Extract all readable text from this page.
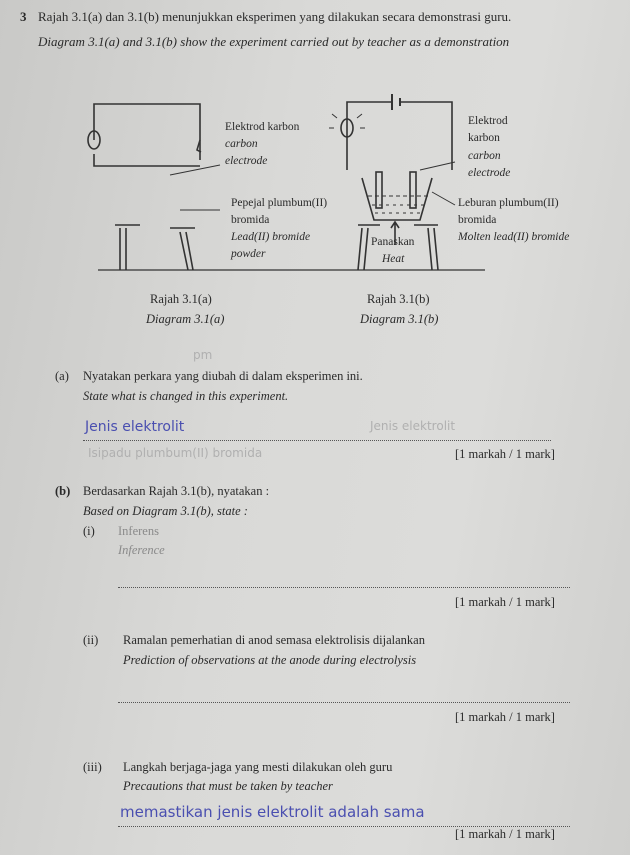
3 Rajah 3.1(a) dan 3.1(b) menunjukkan eksperimen yang dilakukan secara demonstrasi guru.
Diagram 3.1(a) and 3.1(b) show the experiment carried out by teacher as a demonstration
Elektrod karbon
carbon
electrode
Pepejal plumbum(II)
bromida
Lead(II) bromide
powder
Elektrod
karbon
carbon
electrode
Leburan plumbum(II)
bromida
Molten lead(II) bromide
Panaskan
Heat
Rajah 3.1(a)
Diagram 3.1(a)
Rajah 3.1(b)
Diagram 3.1(b)
pm
(a) Nyatakan perkara yang diubah di dalam eksperimen ini.
State what is changed in this experiment.
Jenis elektrolit	Jenis elektrolit
Isipadu plumbum(II) bromida	[1 markah / 1 mark]
(b) Berdasarkan Rajah 3.1(b), nyatakan :
Based on Diagram 3.1(b), state :
(i) Inferens
Inference
[1 markah / 1 mark]
(ii) Ramalan pemerhatian di anod semasa elektrolisis dijalankan
Prediction of observations at the anode during electrolysis
[1 markah / 1 mark]
(iii) Langkah berjaga-jaga yang mesti dilakukan oleh guru
Precautions that must be taken by teacher
memastikan jenis elektrolit adalah sama
[1 markah / 1 mark]
